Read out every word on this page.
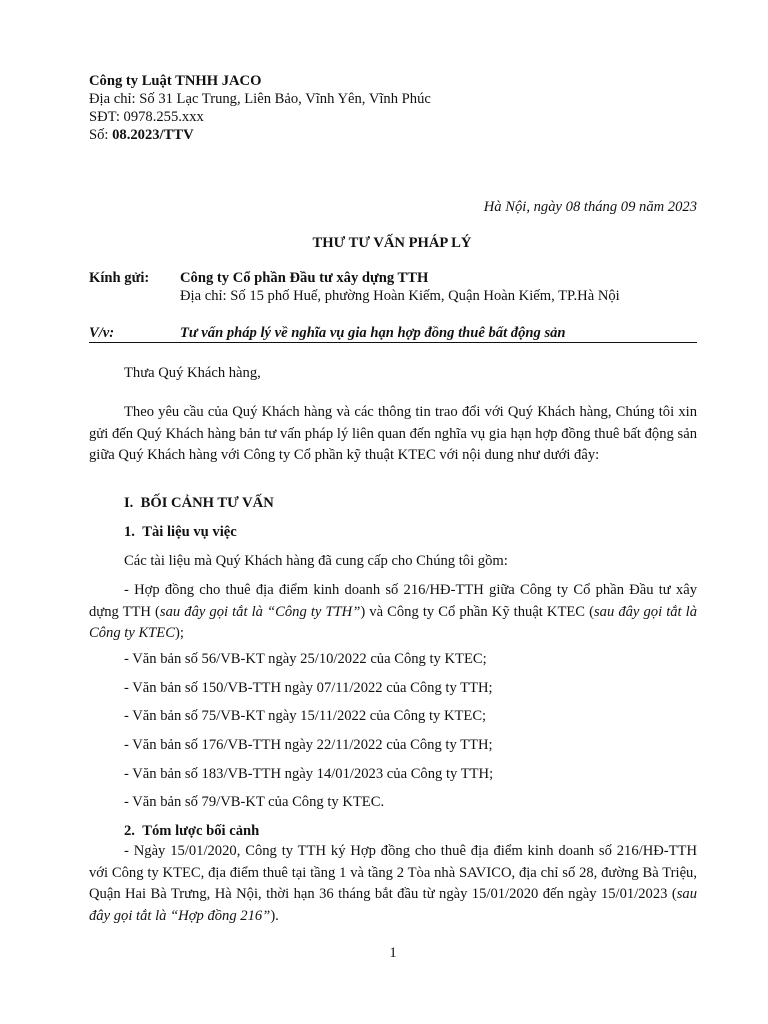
Công ty Luật TNHH JACO
Địa chỉ: Số 31 Lạc Trung, Liên Bảo, Vĩnh Yên, Vĩnh Phúc
SĐT: 0978.255.xxx
Số: 08.2023/TTV
Hà Nội, ngày 08 tháng 09 năm 2023
THƯ TƯ VẤN PHÁP LÝ
Kính gửi: Công ty Cổ phần Đầu tư xây dựng TTH
Địa chỉ: Số 15 phố Huế, phường Hoàn Kiếm, Quận Hoàn Kiếm, TP.Hà Nội
V/v:	Tư vấn pháp lý về nghĩa vụ gia hạn hợp đồng thuê bất động sản
Thưa Quý Khách hàng,

Theo yêu cầu của Quý Khách hàng và các thông tin trao đổi với Quý Khách hàng, Chúng tôi xin gửi đến Quý Khách hàng bản tư vấn pháp lý liên quan đến nghĩa vụ gia hạn hợp đồng thuê bất động sản giữa Quý Khách hàng với Công ty Cổ phần kỹ thuật KTEC với nội dung như dưới đây:

I. BỐI CẢNH TƯ VẤN
1. Tài liệu vụ việc
Các tài liệu mà Quý Khách hàng đã cung cấp cho Chúng tôi gồm:

- Hợp đồng cho thuê địa điểm kinh doanh số 216/HĐ-TTH giữa Công ty Cổ phần Đầu tư xây dựng TTH (sau đây gọi tắt là “Công ty TTH”) và Công ty Cổ phần Kỹ thuật KTEC (sau đây gọi tắt là Công ty KTEC);

- Văn bản số 56/VB-KT ngày 25/10/2022 của Công ty KTEC;
- Văn bản số 150/VB-TTH ngày 07/11/2022 của Công ty TTH;
- Văn bản số 75/VB-KT ngày 15/11/2022 của Công ty KTEC;
- Văn bản số 176/VB-TTH ngày 22/11/2022 của Công ty TTH;
- Văn bản số 183/VB-TTH ngày 14/01/2023 của Công ty TTH;
- Văn bản số 79/VB-KT của Công ty KTEC.
2. Tóm lược bối cảnh

- Ngày 15/01/2020, Công ty TTH ký Hợp đồng cho thuê địa điểm kinh doanh số 216/HĐ-TTH với Công ty KTEC, địa điểm thuê tại tầng 1 và tầng 2 Tòa nhà SAVICO, địa chỉ số 28, đường Bà Triệu, Quận Hai Bà Trưng, Hà Nội, thời hạn 36 tháng bắt đầu từ ngày 15/01/2020 đến ngày 15/01/2023 (sau đây gọi tắt là “Hợp đồng 216”).

1
